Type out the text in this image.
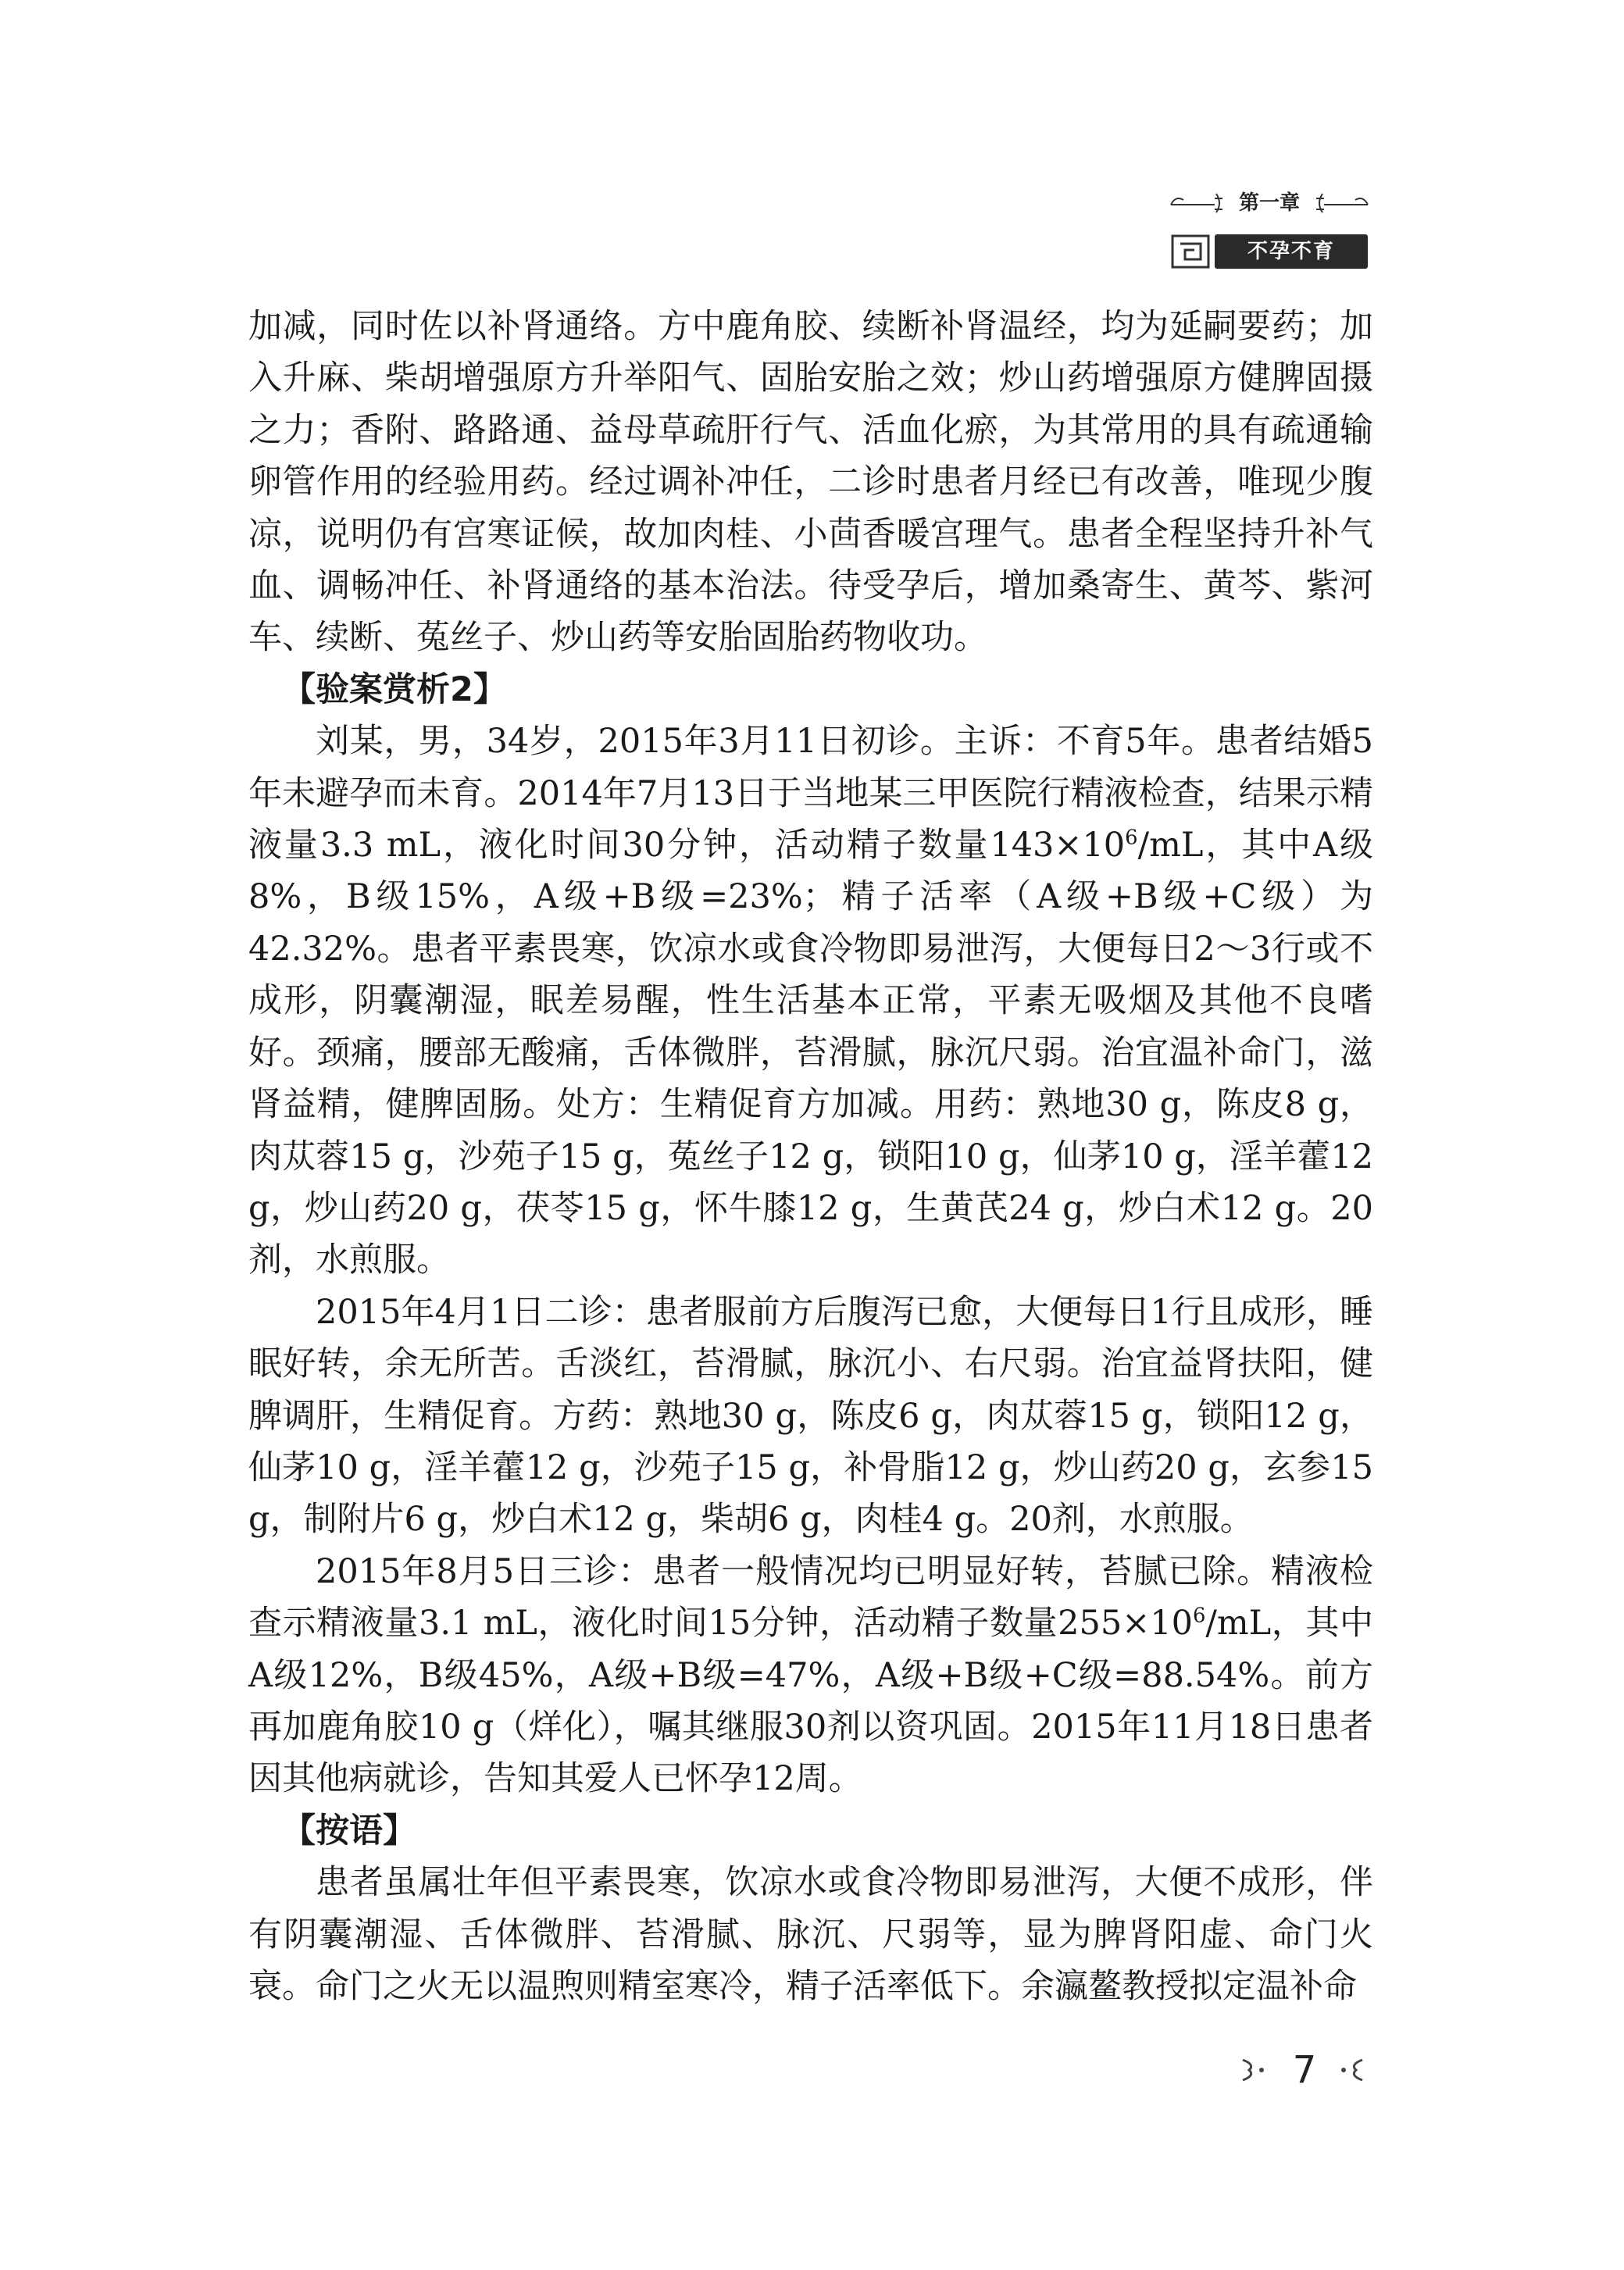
第一章
不孕不育

加减，同时佐以补肾通络。方中鹿角胶、续断补肾温经，均为延嗣要药；加入升麻、柴胡增强原方升举阳气、固胎安胎之效；炒山药增强原方健脾固摄之力；香附、路路通、益母草疏肝行气、活血化瘀，为其常用的具有疏通输卵管作用的经验用药。经过调补冲任，二诊时患者月经已有改善，唯现少腹凉，说明仍有宫寒证候，故加肉桂、小茴香暖宫理气。患者全程坚持升补气血、调畅冲任、补肾通络的基本治法。待受孕后，增加桑寄生、黄芩、紫河车、续断、菟丝子、炒山药等安胎固胎药物收功。

【验案赏析2】

刘某，男，34岁，2015年3月11日初诊。主诉：不育5年。患者结婚5年未避孕而未育。2014年7月13日于当地某三甲医院行精液检查，结果示精液量3.3 mL，液化时间30分钟，活动精子数量$143\times 10^6/mL$，其中A级8%，B级15%，A级+B级=23%；精子活率（A级+B级+C级）为42.32%。患者平素畏寒，饮凉水或食冷物即易泄泻，大便每日2～3行或不成形，阴囊潮湿，眠差易醒，性生活基本正常，平素无吸烟及其他不良嗜好。颈痛，腰部无酸痛，舌体微胖，苔滑腻，脉沉尺弱。治宜温补命门，滋肾益精，健脾固肠。处方：生精促育方加减。用药：熟地30 g，陈皮8 g，肉苁蓉15 g，沙苑子15 g，菟丝子12 g，锁阳10 g，仙茅10 g，淫羊藿12 g，炒山药20 g，茯苓15 g，怀牛膝12 g，生黄芪24 g，炒白术12 g。20剂，水煎服。

2015年4月1日二诊：患者服前方后腹泻已愈，大便每日1行且成形，睡眠好转，余无所苦。舌淡红，苔滑腻，脉沉小、右尺弱。治宜益肾扶阳，健脾调肝，生精促育。方药：熟地30 g，陈皮6 g，肉苁蓉15 g，锁阳12 g，仙茅10 g，淫羊藿12 g，沙苑子15 g，补骨脂12 g，炒山药20 g，玄参15 g，制附片6 g，炒白术12 g，柴胡6 g，肉桂4 g。20剂，水煎服。

2015年8月5日三诊：患者一般情况均已明显好转，苔腻已除。精液检查示精液量3.1 mL，液化时间15分钟，活动精子数量$255\times 10^6/mL$，其中A级12%，B级45%，A级+B级=47%，A级+B级+C级=88.54%。前方再加鹿角胶10 g（烊化），嘱其继服30剂以资巩固。2015年11月18日患者因其他病就诊，告知其爱人已怀孕12周。

【按语】

患者虽属壮年但平素畏寒，饮凉水或食冷物即易泄泻，大便不成形，伴有阴囊潮湿、舌体微胖、苔滑腻、脉沉、尺弱等，显为脾肾阳虚、命门火衰。命门之火无以温煦则精室寒冷，精子活率低下。余瀛鳌教授拟定温补命

7
